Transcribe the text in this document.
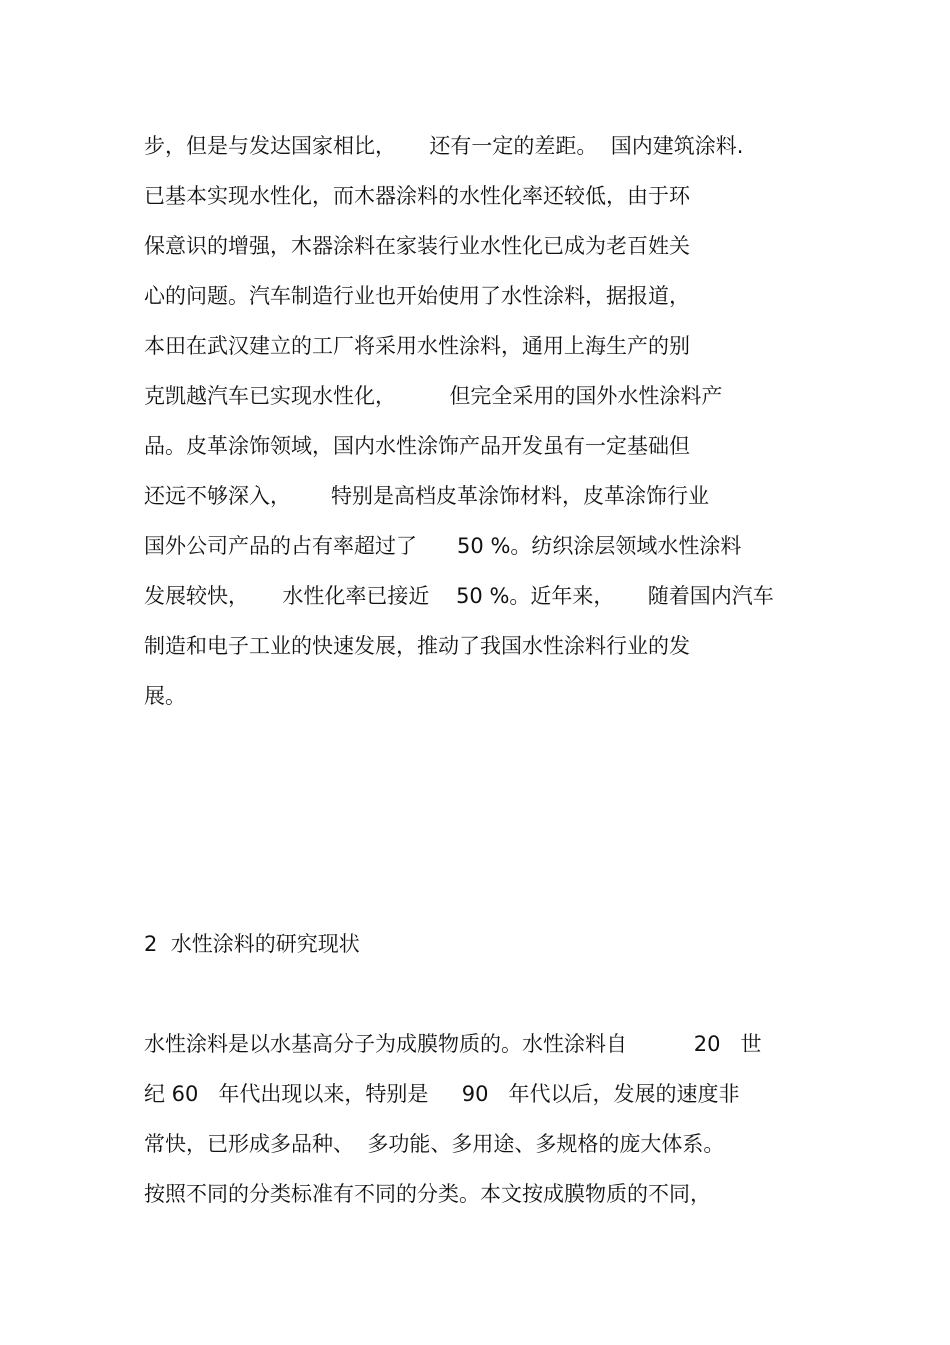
步，但是与发达国家相比，     还有一定的差距。  国内建筑涂料.
已基本实现水性化，而木器涂料的水性化率还较低，由于环
保意识的增强，木器涂料在家装行业水性化已成为老百姓关
心的问题。汽车制造行业也开始使用了水性涂料，据报道，
本田在武汉建立的工厂将采用水性涂料，通用上海生产的别
克凯越汽车已实现水性化，        但完全采用的国外水性涂料产
品。皮革涂饰领域，国内水性涂饰产品开发虽有一定基础但
还远不够深入，      特别是高档皮革涂饰材料，皮革涂饰行业
国外公司产品的占有率超过了      50 %。纺织涂层领域水性涂料
发展较快，     水性化率已接近    50 %。近年来，     随着国内汽车
制造和电子工业的快速发展，推动了我国水性涂料行业的发
展。
2  水性涂料的研究现状
水性涂料是以水基高分子为成膜物质的。水性涂料自          20   世
纪 60   年代出现以来，特别是     90   年代以后，发展的速度非
常快，已形成多品种、  多功能、多用途、多规格的庞大体系。
按照不同的分类标准有不同的分类。本文按成膜物质的不同，
